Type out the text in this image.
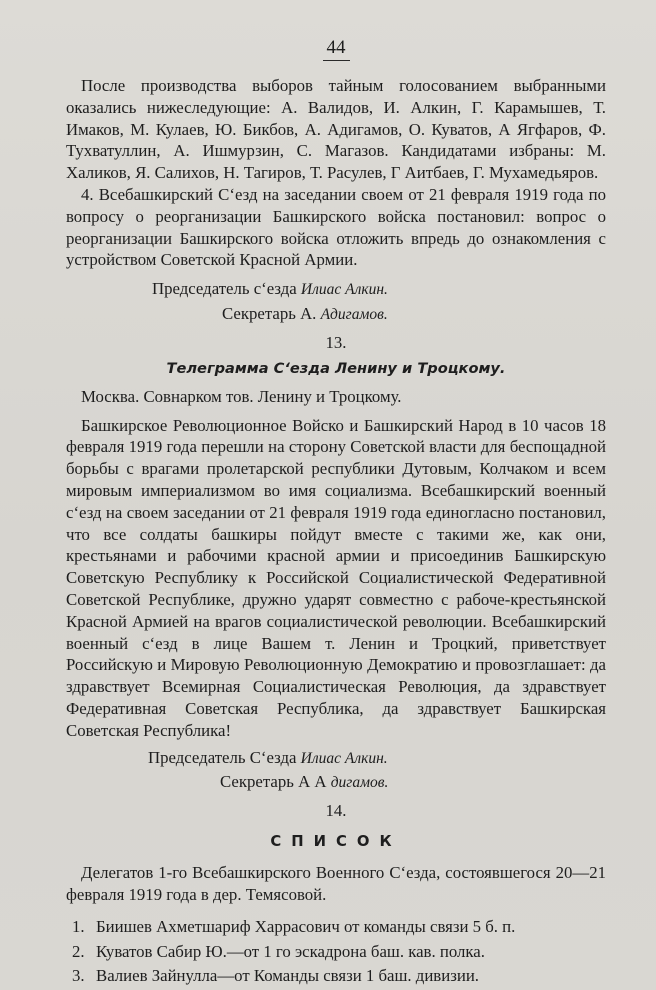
44

После производства выборов тайным голосованием выбранными оказались нижеследующие: А. Валидов, И. Алкин, Г. Карамышев, Т. Имаков, М. Кулаев, Ю. Бикбов, А. Адигамов, О. Куватов, А Ягфаров, Ф. Тухватуллин, А. Ишмурзин, С. Магазов. Кандидатами избраны: М. Халиков, Я. Салихов, Н. Тагиров, Т. Расулев, Г Аитбаев, Г. Мухамедьяров.

4. Всебашкирский С‘езд на заседании своем от 21 февраля 1919 года по вопросу о реорганизации Башкирского войска постановил: вопрос о реорганизации Башкирского войска отложить впредь до ознакомления с устройством Советской Красной Армии.

Председатель с‘езда Илиас Алкин.
Секретарь А. Адигамов.
13.
Телеграмма С‘езда Ленину и Троцкому.

Москва. Совнарком тов. Ленину и Троцкому.

Башкирское Революционное Войско и Башкирский Народ в 10 часов 18 февраля 1919 года перешли на сторону Советской власти для беспощадной борьбы с врагами пролетарской республики Дутовым, Колчаком и всем мировым империализмом во имя социализма. Всебашкирский военный с‘езд на своем заседании от 21 февраля 1919 года единогласно постановил, что все солдаты башкиры пойдут вместе с такими же, как они, крестьянами и рабочими красной армии и присоединив Башкирскую Советскую Республику к Российской Социалистической Федеративной Советской Республике, дружно ударят совместно с рабоче-крестьянской Красной Армией на врагов социалистической революции. Всебашкирский военный с‘езд в лице Вашем т. Ленин и Троцкий, приветствует Российскую и Мировую Революционную Демократию и провозглашает: да здравствует Всемирная Социалистическая Революция, да здравствует Федеративная Советская Республика, да здравствует Башкирская Советская Республика!

Председатель С‘езда Илиас Алкин.
Секретарь А А дигамов.
14.
СПИСОК

Делегатов 1-го Всебашкирского Военного С‘езда, состоявшегося 20—21 февраля 1919 года в дер. Темясовой.

1. Биишев Ахметшариф Харрасович от команды связи 5 б. п.
2. Куватов Сабир Ю.—от 1 го эскадрона баш. кав. полка.
3. Валиев Зайнулла—от Команды связи 1 баш. дивизии.
